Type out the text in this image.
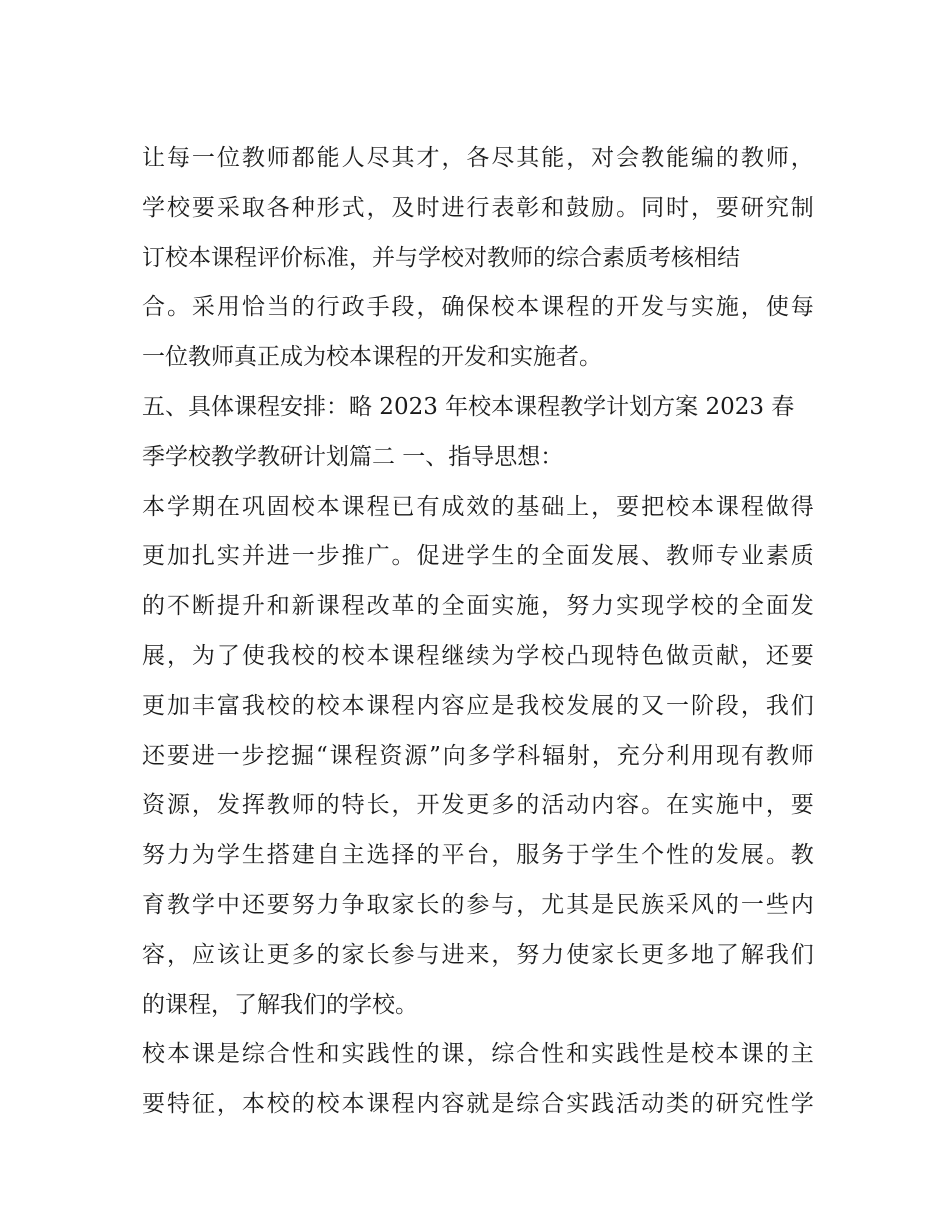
让 每 一 位 教 师 都 能 人 尽 其 才 ， 各 尽 其 能 ， 对 会 教 能 编 的 教 师 ，
学 校 要 采 取 各 种 形 式 ， 及 时 进 行 表 彰 和 鼓 励 。 同 时 ， 要 研 究 制
订校本课程评价标准，并与学校对教师的综合素质考核相结
合 。 采 用 恰 当 的 行 政 手 段 ， 确 保 校 本 课 程 的 开 发 与 实 施 ， 使 每
一位教师真正成为校本课程的开发和实施者。
五、具体课程安排：略 2023 年校本课程教学计划方案 2023 春
季学校教学教研计划篇二 一、指导思想：
本 学 期 在 巩 固 校 本 课 程 已 有 成 效 的 基 础 上 ， 要 把 校 本 课 程 做 得
更 加 扎 实 并 进 一 步 推 广 。 促 进 学 生 的 全 面 发 展 、 教 师 专 业 素 质
的 不 断 提 升 和 新 课 程 改 革 的 全 面 实 施 ， 努 力 实 现 学 校 的 全 面 发
展 ， 为 了 使 我 校 的 校 本 课 程 继 续 为 学 校 凸 现 特 色 做 贡 献 ， 还 要
更 加 丰 富 我 校 的 校 本 课 程 内 容 应 是 我 校 发 展 的 又 一 阶 段 ， 我 们
还 要 进 一 步 挖 掘 “ 课 程 资 源 ” 向 多 学 科 辐 射 ， 充 分 利 用 现 有 教 师
资 源 ， 发 挥 教 师 的 特 长 ， 开 发 更 多 的 活 动 内 容 。 在 实 施 中 ， 要
努 力 为 学 生 搭 建 自 主 选 择 的 平 台 ， 服 务 于 学 生 个 性 的 发 展 。 教
育 教 学 中 还 要 努 力 争 取 家 长 的 参 与 ， 尤 其 是 民 族 采 风 的 一 些 内
容 ， 应 该 让 更 多 的 家 长 参 与 进 来 ， 努 力 使 家 长 更 多 地 了 解 我 们
的课程，了解我们的学校。
校 本 课 是 综 合 性 和 实 践 性 的 课 ， 综 合 性 和 实 践 性 是 校 本 课 的 主
要 特 征 ， 本 校 的 校 本 课 程 内 容 就 是 综 合 实 践 活 动 类 的 研 究 性 学
